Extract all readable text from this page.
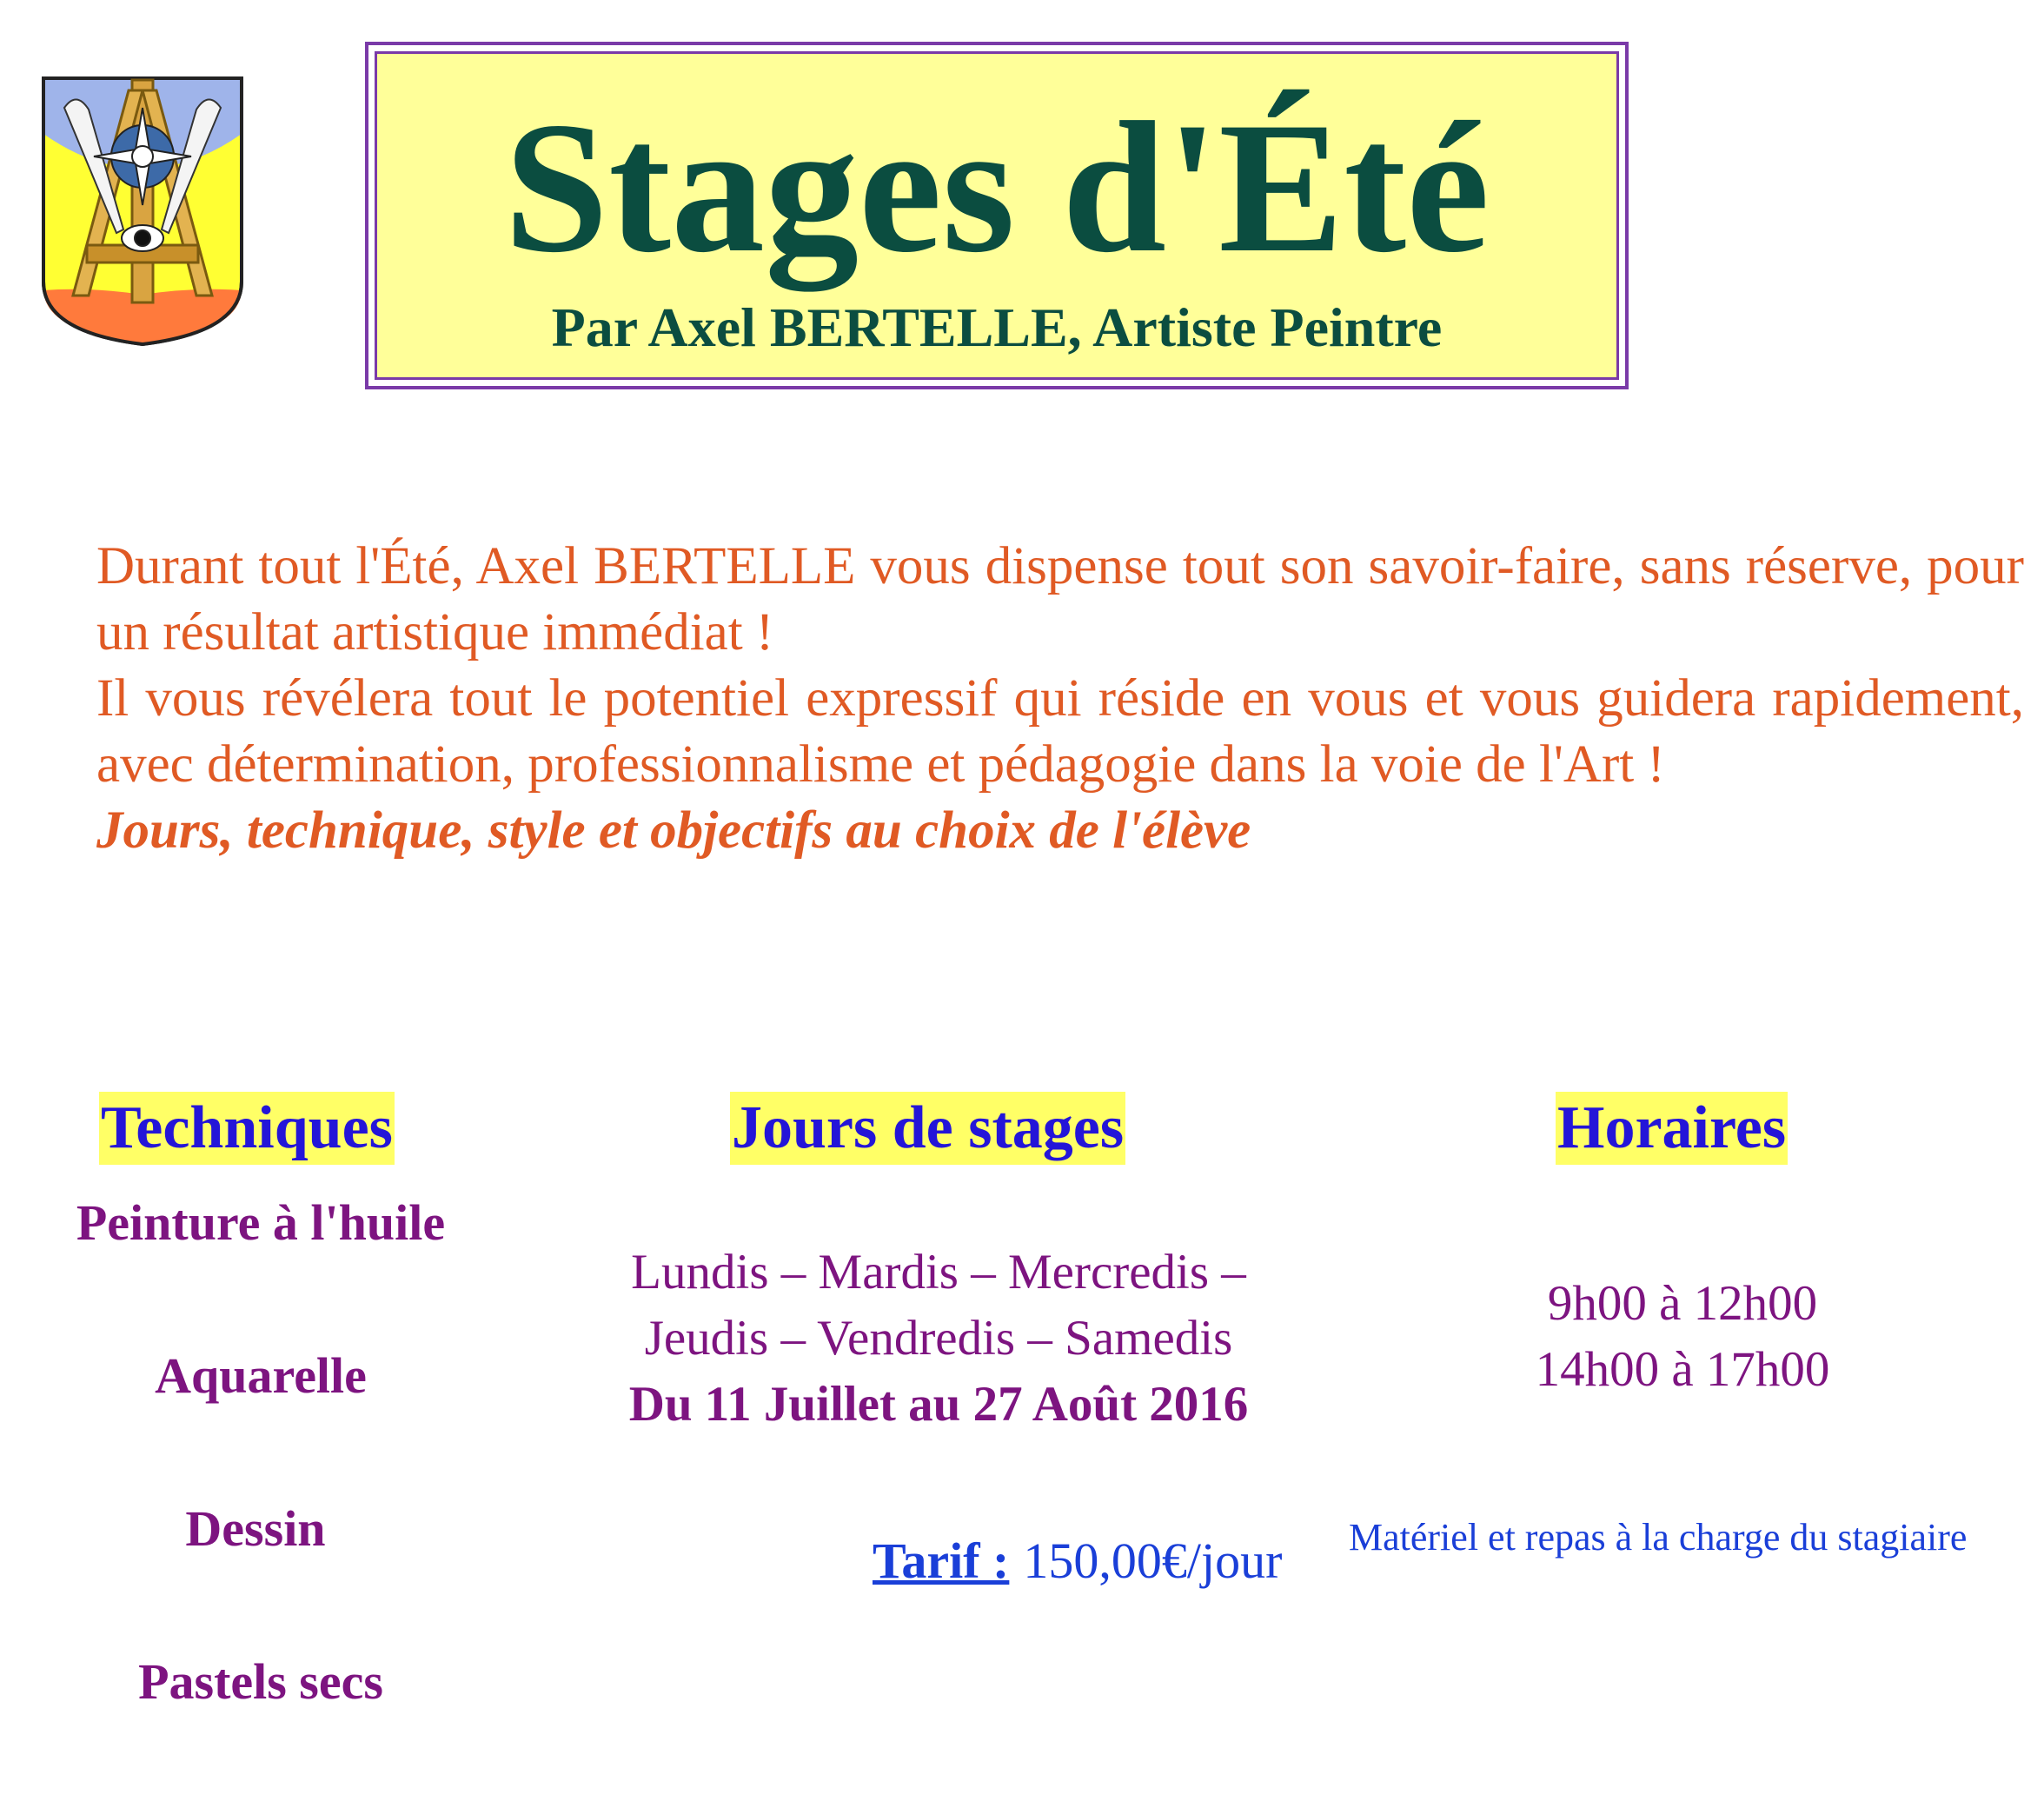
Stages d'Été
Par Axel BERTELLE, Artiste Peintre

Durant tout l'Été, Axel BERTELLE vous dispense tout son savoir-faire, sans réserve, pour un résultat artistique immédiat !

Il vous révélera tout le potentiel expressif qui réside en vous et vous guidera rapidement, avec détermination, professionnalisme et pédagogie dans la voie de l'Art !

Jours, technique, style et objectifs au choix de l'élève

Techniques	Jours de stages	Horaires
Peinture à l'huile
Aquarelle
Dessin
Pastels secs
Lundis – Mardis – Mercredis –
Jeudis – Vendredis – Samedis
Du 11 Juillet au 27 Août 2016
9h00 à 12h00
14h00 à 17h00
Tarif : 150,00€/jour Matériel et repas à la charge du stagiaire
